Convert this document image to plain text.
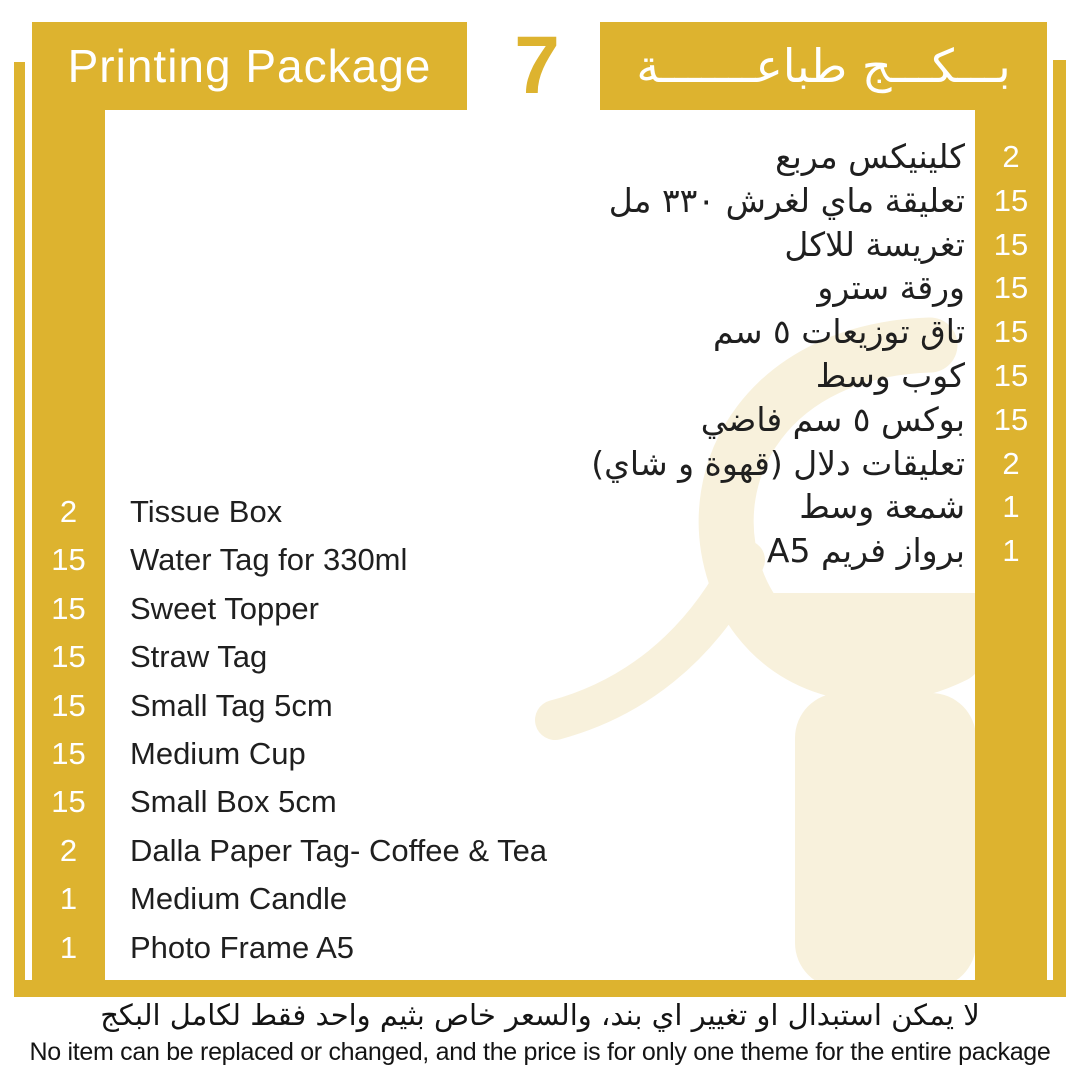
Printing Package 7	بـــكـــج طباعـــــــة
كلينيكس مربع	2
تعليقة ماي لغرش ٣٣٠ مل 15
تغريسة للاكل 15
ورقة سترو 15
تاق توزيعات ٥ سم 15
كوب وسط 15
بوكس ٥ سم فاضي 15
تعليقات دلال (قهوة و شاي)	2
شمعة وسط	1
برواز فريم A5	1
2	Tissue Box
15	Water Tag for 330ml
15	Sweet Topper
15	Straw Tag
15	Small Tag 5cm
15	Medium Cup
15	Small Box 5cm
2	Dalla Paper Tag- Coffee & Tea
1	Medium Candle
1	Photo Frame A5
لا يمكن استبدال او تغيير اي بند، والسعر خاص بثيم واحد فقط لكامل البكج
No item can be replaced or changed, and the price is for only one theme for the entire package
